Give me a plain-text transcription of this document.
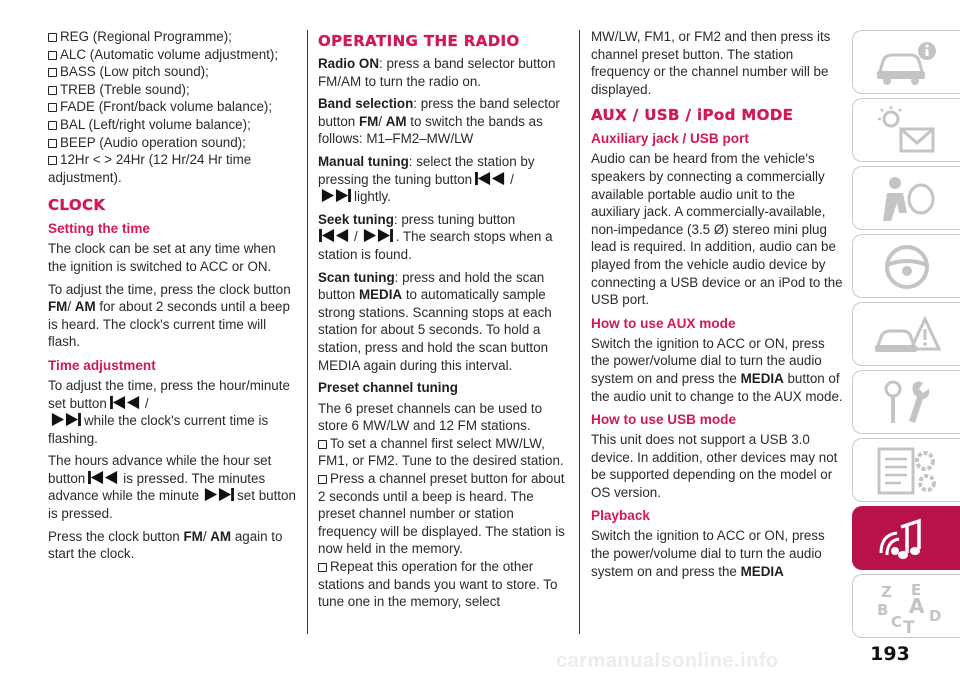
REG (Regional Programme);
ALC (Automatic volume adjustment);
BASS (Low pitch sound);
TREB (Treble sound);
FADE (Front/back volume balance);
BAL (Left/right volume balance);
BEEP (Audio operation sound);
12Hr < > 24Hr (12 Hr/24 Hr time adjustment).
CLOCK
Setting the time

The clock can be set at any time when the ignition is switched to ACC or ON.

To adjust the time, press the clock button FM/ AM for about 2 seconds until a beep is heard. The clock's current time will flash.

Time adjustment

To adjust the time, press the hour/minute set button	/
while the clock's current time is flashing.

The hours advance while the hour set button	is pressed. The minutes advance while the minute	set button is pressed.

Press the clock button FM/ AM again to start the clock.

OPERATING THE RADIO

Radio ON: press a band selector button FM/AM to turn the radio on.

Band selection: press the band selector button FM/ AM to switch the bands as follows: M1–FM2–MW/LW

Manual tuning: select the station by pressing the tuning button	/
lightly.

Seek tuning: press tuning button
/	. The search stops when a station is found.

Scan tuning: press and hold the scan button MEDIA to automatically sample strong stations. Scanning stops at each station for about 5 seconds. To hold a station, press and hold the scan button MEDIA again during this interval.

Preset channel tuning

The 6 preset channels can be used to store 6 MW/LW and 12 FM stations.

To set a channel first select MW/LW, FM1, or FM2. Tune to the desired station.
Press a channel preset button for about 2 seconds until a beep is heard. The preset channel number or station frequency will be displayed. The station is now held in the memory.
Repeat this operation for the other stations and bands you want to store. To tune one in the memory, select

MW/LW, FM1, or FM2 and then press its channel preset button. The station frequency or the channel number will be displayed.

AUX / USB / iPod MODE
Auxiliary jack / USB port

Audio can be heard from the vehicle's speakers by connecting a commercially available portable audio unit to the auxiliary jack. A commercially-available, non-impedance (3.5 Ø) stereo mini plug lead is required. In addition, audio can be played from the vehicle audio device by connecting a USB device or an iPod to the USB port.

How to use AUX mode

Switch the ignition to ACC or ON, press the power/volume dial to turn the audio system on and press the MEDIA button of the audio unit to change to the AUX mode.

How to use USB mode

This unit does not support a USB 3.0 device. In addition, other devices may not be supported depending on the model or OS version.

Playback

Switch the ignition to ACC or ON, press the power/volume dial to turn the audio system on and press the MEDIA

Z E
A
B	D
C T
193
carmanualsonline.info
